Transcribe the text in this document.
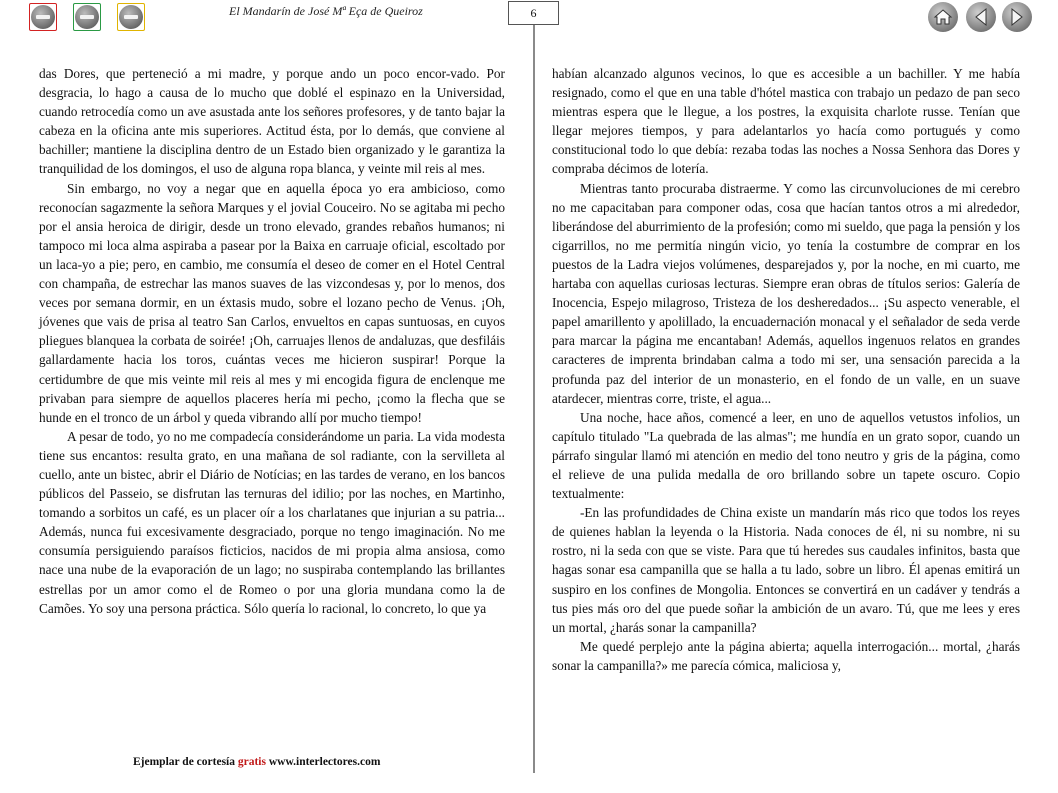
El Mandarín de José Mª Eça de Queiroz	6

das Dores, que perteneció a mi madre, y porque ando un poco encor-vado. Por desgracia, lo hago a causa de lo mucho que doblé el espinazo en la Universidad, cuando retrocedía como un ave asustada ante los señores profesores, y de tanto bajar la cabeza en la oficina ante mis superiores. Actitud ésta, por lo demás, que conviene al bachiller; mantiene la disciplina dentro de un Estado bien organizado y le garantiza la tranquilidad de los domingos, el uso de alguna ropa blanca, y veinte mil reis al mes.

Sin embargo, no voy a negar que en aquella época yo era ambicioso, como reconocían sagazmente la señora Marques y el jovial Couceiro. No se agitaba mi pecho por el ansia heroica de dirigir, desde un trono elevado, grandes rebaños humanos; ni tampoco mi loca alma aspiraba a pasear por la Baixa en carruaje oficial, escoltado por un laca-yo a pie; pero, en cambio, me consumía el deseo de comer en el Hotel Central con champaña, de estrechar las manos suaves de las vizcondesas y, por lo menos, dos veces por semana dormir, en un éxtasis mudo, sobre el lozano pecho de Venus. ¡Oh, jóvenes que vais de prisa al teatro San Carlos, envueltos en capas suntuosas, en cuyos pliegues blanquea la corbata de soirée! ¡Oh, carruajes llenos de andaluzas, que desfiláis gallardamente hacia los toros, cuántas veces me hicieron suspirar! Porque la certidumbre de que mis veinte mil reis al mes y mi encogida figura de enclenque me privaban para siempre de aquellos placeres hería mi pecho, ¡como la flecha que se hunde en el tronco de un árbol y queda vibrando allí por mucho tiempo!

A pesar de todo, yo no me compadecía considerándome un paria. La vida modesta tiene sus encantos: resulta grato, en una mañana de sol radiante, con la servilleta al cuello, ante un bistec, abrir el Diário de Notícias; en las tardes de verano, en los bancos públicos del Passeio, se disfrutan las ternuras del idilio; por las noches, en Martinho, tomando a sorbitos un café, es un placer oír a los charlatanes que injurian a su patria... Además, nunca fui excesivamente desgraciado, porque no tengo imaginación. No me consumía persiguiendo paraísos ficticios, nacidos de mi propia alma ansiosa, como nace una nube de la evaporación de un lago; no suspiraba contemplando las brillantes estrellas por un amor como el de Romeo o por una gloria mundana como la de Camões. Yo soy una persona práctica. Sólo quería lo racional, lo concreto, lo que ya

habían alcanzado algunos vecinos, lo que es accesible a un bachiller. Y me había resignado, como el que en una table d'hótel mastica con trabajo un pedazo de pan seco mientras espera que le llegue, a los postres, la exquisita charlote russe. Tenían que llegar mejores tiempos, y para adelantarlos yo hacía como portugués y como constitucional todo lo que debía: rezaba todas las noches a Nossa Senhora das Dores y compraba décimos de lotería.

Mientras tanto procuraba distraerme. Y como las circunvoluciones de mi cerebro no me capacitaban para componer odas, cosa que hacían tantos otros a mi alrededor, liberándose del aburrimiento de la profesión; como mi sueldo, que paga la pensión y los cigarrillos, no me permitía ningún vicio, yo tenía la costumbre de comprar en los puestos de la Ladra viejos volúmenes, desparejados y, por la noche, en mi cuarto, me hartaba con aquellas curiosas lecturas. Siempre eran obras de títulos serios: Galería de Inocencia, Espejo milagroso, Tristeza de los desheredados... ¡Su aspecto venerable, el papel amarillento y apolillado, la encuadernación monacal y el señalador de seda verde para marcar la página me encantaban! Además, aquellos ingenuos relatos en grandes caracteres de imprenta brindaban calma a todo mi ser, una sensación parecida a la profunda paz del interior de un monasterio, en el fondo de un valle, en un suave atardecer, mientras corre, triste, el agua...

Una noche, hace años, comencé a leer, en uno de aquellos vetustos infolios, un capítulo titulado "La quebrada de las almas"; me hundía en un grato sopor, cuando un párrafo singular llamó mi atención en medio del tono neutro y gris de la página, como el relieve de una pulida medalla de oro brillando sobre un tapete oscuro. Copio textualmente:

-En las profundidades de China existe un mandarín más rico que todos los reyes de quienes hablan la leyenda o la Historia. Nada conoces de él, ni su nombre, ni su rostro, ni la seda con que se viste. Para que tú heredes sus caudales infinitos, basta que hagas sonar esa campanilla que se halla a tu lado, sobre un libro. Él apenas emitirá un suspiro en los confines de Mongolia. Entonces se convertirá en un cadáver y tendrás a tus pies más oro del que puede soñar la ambición de un avaro. Tú, que me lees y eres un mortal, ¿harás sonar la campanilla?

Me quedé perplejo ante la página abierta; aquella interrogación... mortal, ¿harás sonar la campanilla?» me parecía cómica, maliciosa y,

Ejemplar de cortesía gratis www.interlectores.com
